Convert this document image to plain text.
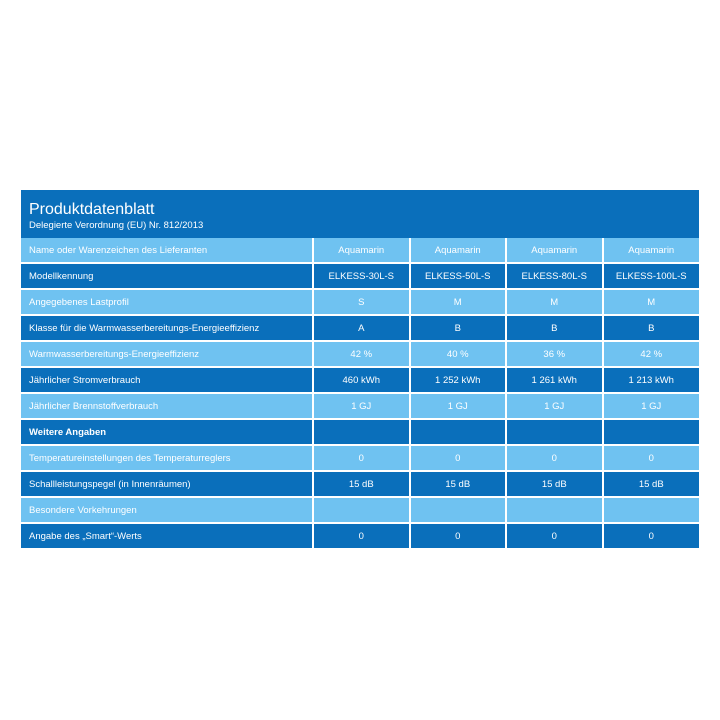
Produktdatenblatt
Delegierte Verordnung (EU) Nr. 812/2013
Name oder Warenzeichen des Lieferanten	Aquamarin	Aquamarin	Aquamarin	Aquamarin
Modellkennung	ELKESS-30L-S	ELKESS-50L-S	ELKESS-80L-S	ELKESS-100L-S
Angegebenes Lastprofil	S	M	M	M
Klasse für die Warmwasserbereitungs-Energieeffizienz	A	B	B	B
Warmwasserbereitungs-Energieeffizienz	42 %	40 %	36 %	42 %
Jährlicher Stromverbrauch	460 kWh	1 252 kWh	1 261 kWh	1 213 kWh
Jährlicher Brennstoffverbrauch	1 GJ	1 GJ	1 GJ	1 GJ
Weitere Angaben				
Temperatureinstellungen des Temperaturreglers	0	0	0	0
Schallleistungspegel (in Innenräumen)	15 dB	15 dB	15 dB	15 dB
Besondere Vorkehrungen				
Angabe des „Smart“-Werts	0	0	0	0
